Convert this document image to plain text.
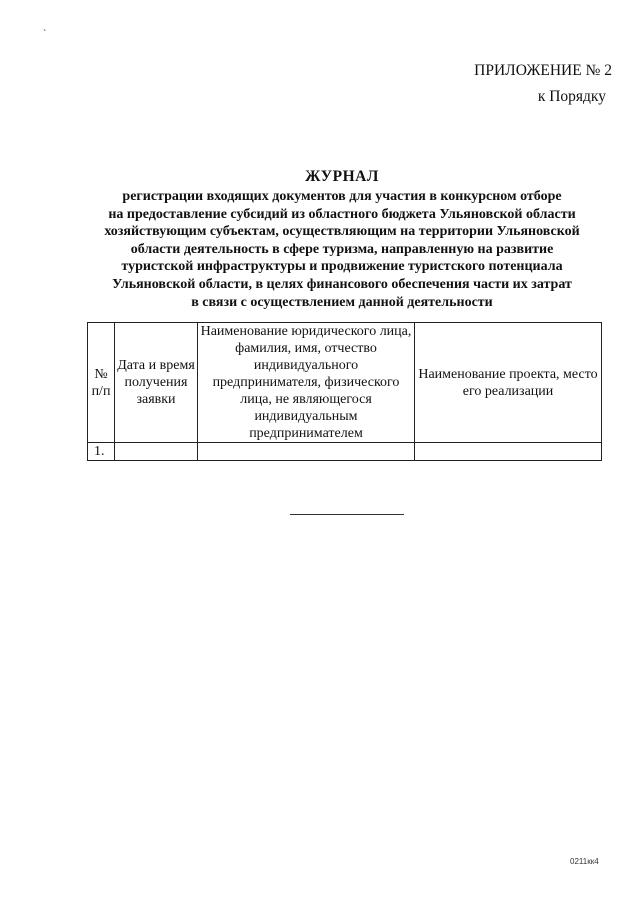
`
ПРИЛОЖЕНИЕ № 2
к Порядку
ЖУРНАЛ
регистрации входящих документов для участия в конкурсном отборе
на предоставление субсидий из областного бюджета Ульяновской области
хозяйствующим субъектам, осуществляющим на территории Ульяновской
области деятельность в сфере туризма, направленную на развитие
туристской инфраструктуры и продвижение туристского потенциала
Ульяновской области, в целях финансового обеспечения части их затрат
в связи с осуществлением данной деятельности
№ п/п	Дата и время получения заявки	Наименование юридического лица, фамилия, имя, отчество индивидуального предпринимателя, физического лица, не являющегося индивидуальным предпринимателем	Наименование проекта, место его реализации
1.			
0211кк4
